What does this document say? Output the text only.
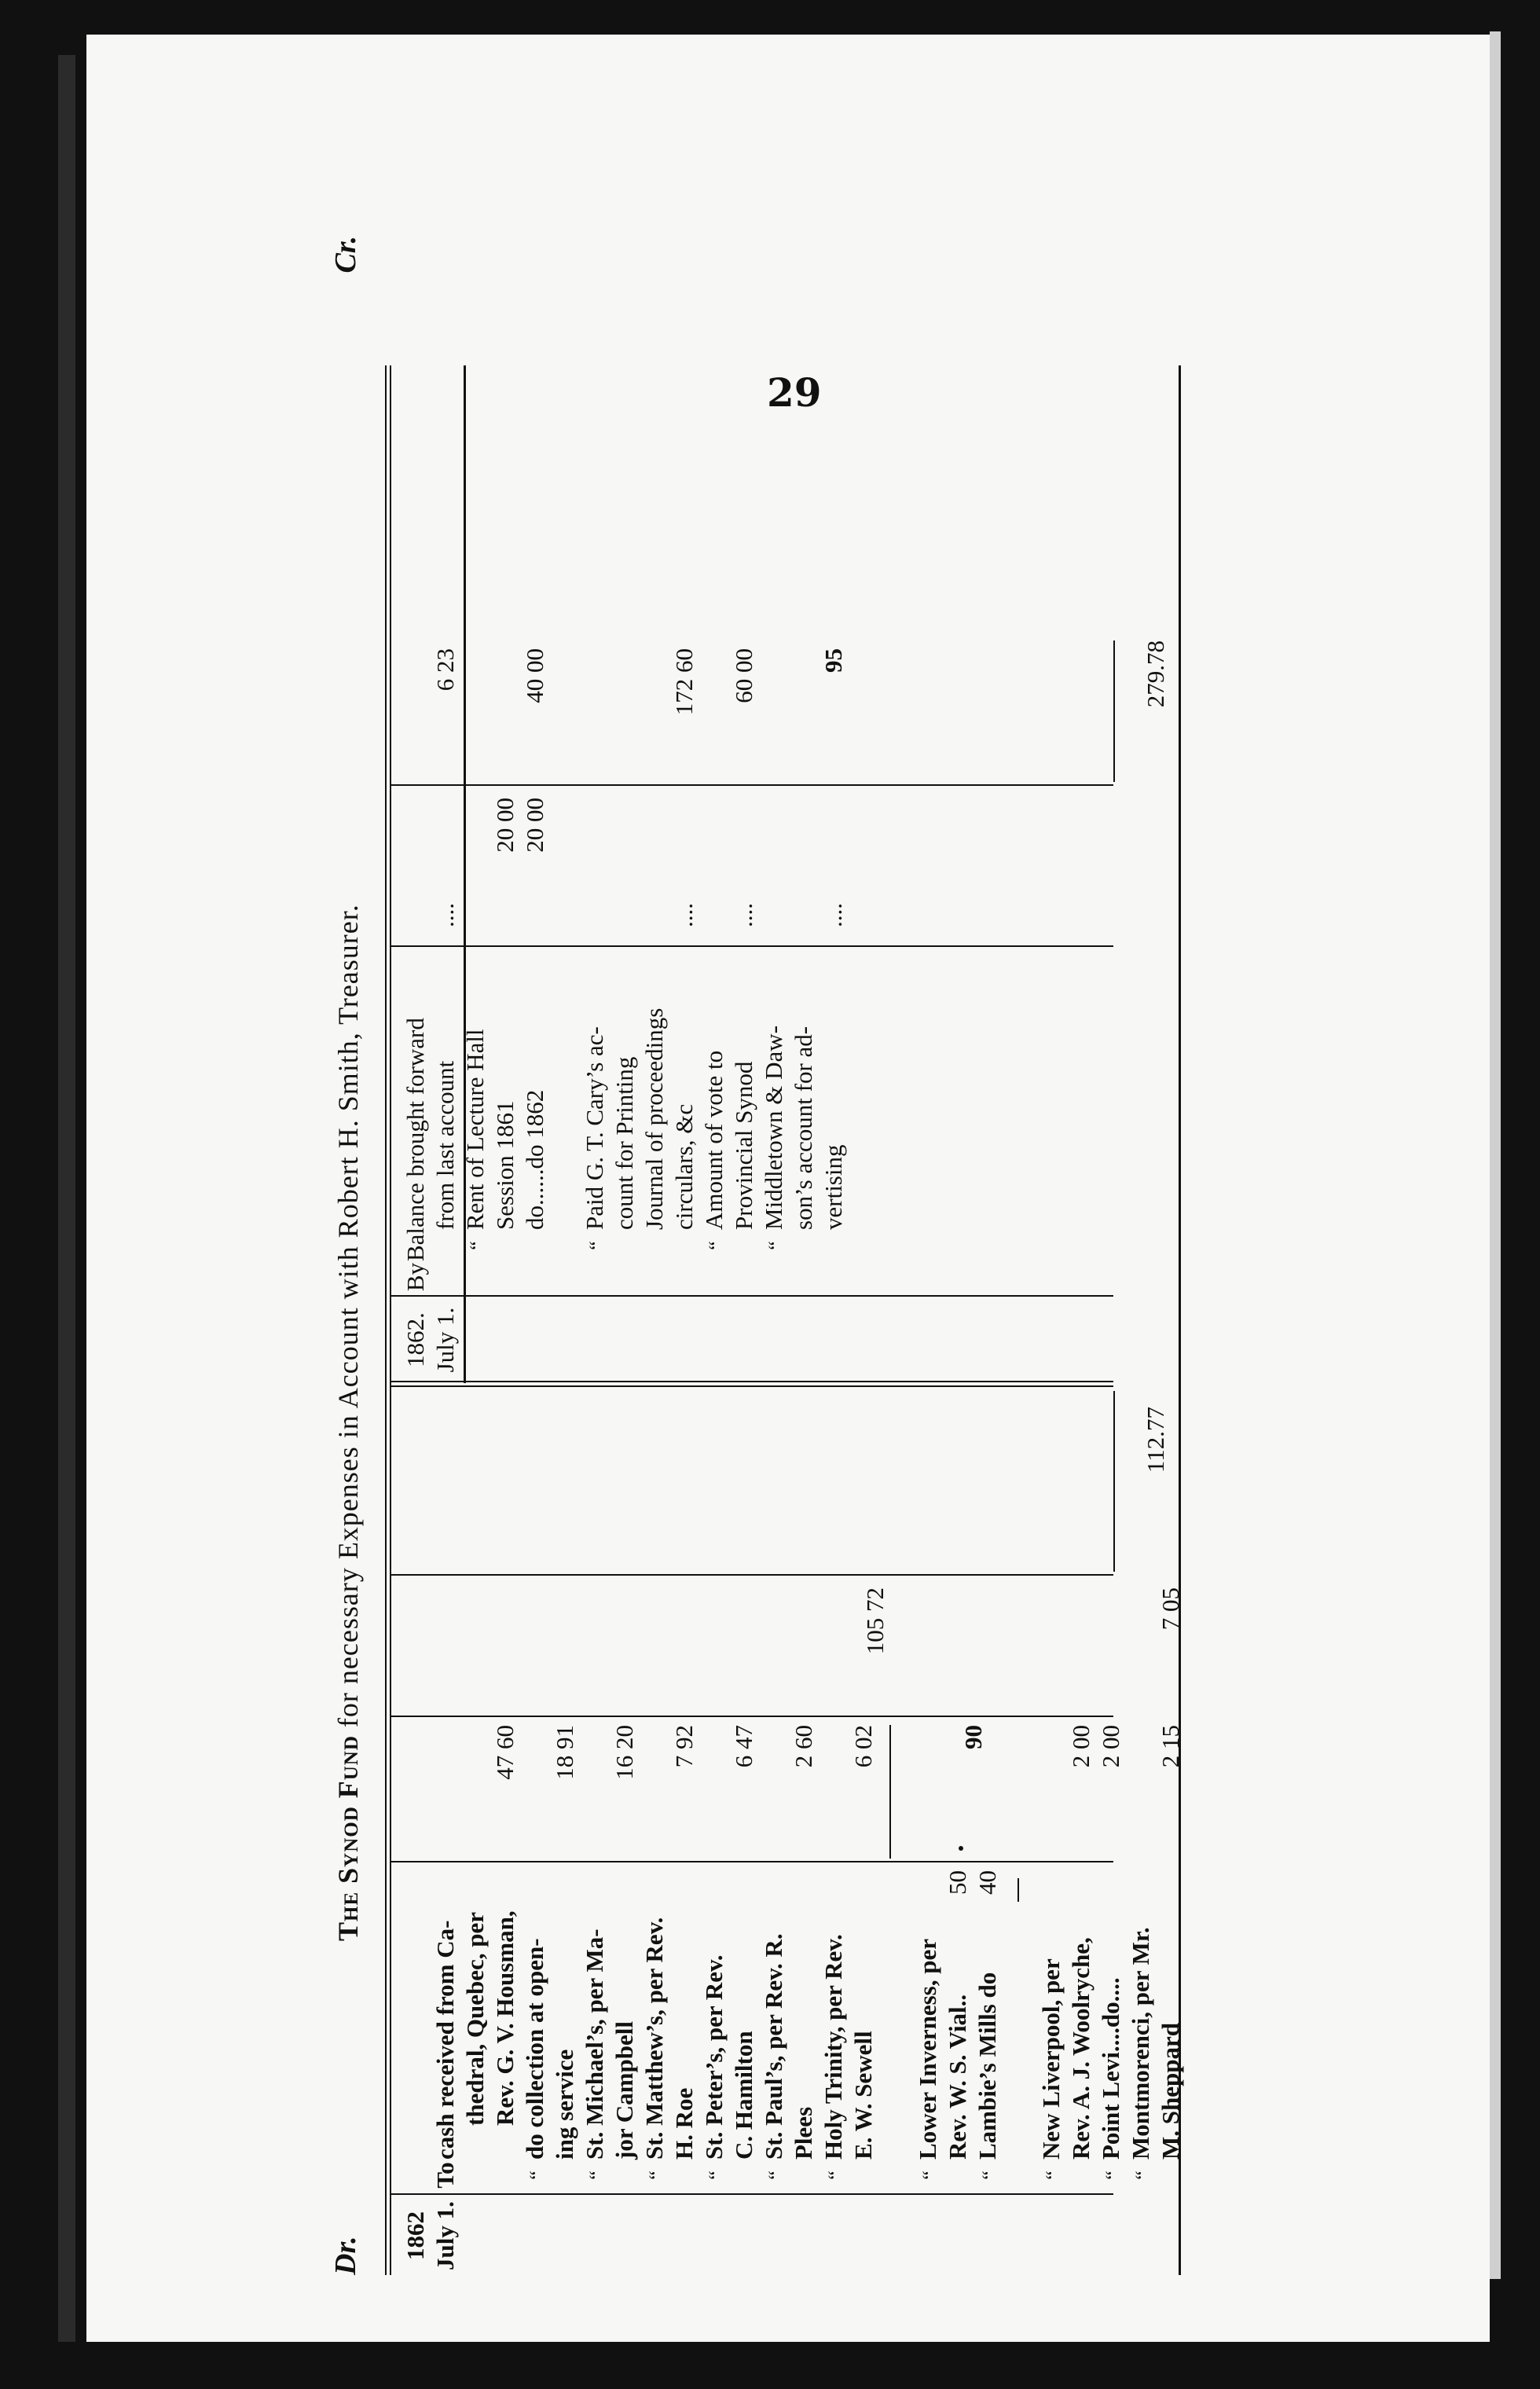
29
Dr.
The Synod Fund for necessary Expenses in Account with Robert H. Smith, Treasurer.
Cr.
1862 July 1.
To
cash received from Ca- thedral, Quebec, per Rev. G. V. Housman,
47 60
“
do collection at open- ing service
18 91
“
St. Michael’s, per Ma- jor Campbell
16 20
“
St. Matthew’s, per Rev. H. Roe
7 92
“
St. Peter’s, per Rev. C. Hamilton
6 47
“
St. Paul’s, per Rev. R. Plees
2 60
“
Holy Trinity, per Rev. E. W. Sewell
6 02
105 72
“
Lower Inverness, per Rev. W. S. Vial..
50
“
Lambie’s Mills do
40
90
“
New Liverpool, per Rev. A. J. Woolryche,
2 00
“
Point Levi....do....
2 00
“
Montmorenci, per Mr. M. Sheppard
2 15
7 05
1862. July 1.
By
Balance brought forward from last account
....
6 23
“
Rent of Lecture Hall Session 1861
20 00
do......do 1862
20 00
40 00
“
Paid G. T. Cary’s ac- count for Printing Journal of proceedings circulars, &c
....
172 60
“
Amount of vote to Provincial Synod
....
60 00
“
Middletown & Daw- son’s account for ad- vertising
....
95
112.77
279.78
